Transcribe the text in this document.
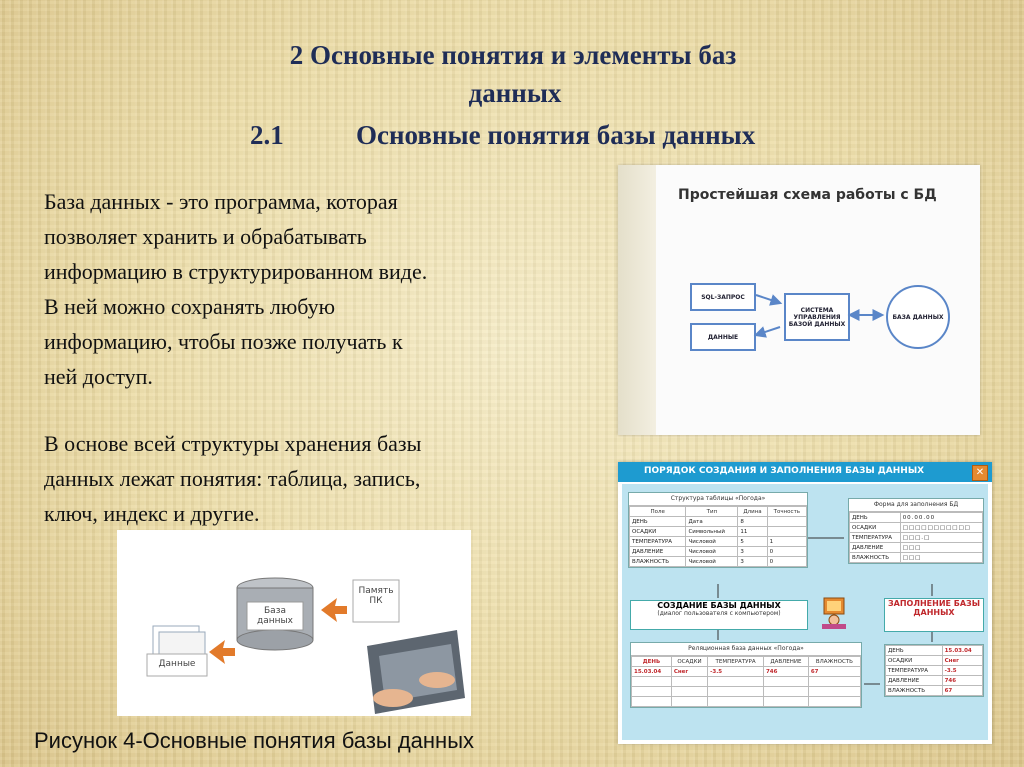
2 Основные понятия и элементы баз
данных
2.1	Основные понятия базы данных
База данных - это программа, которая
позволяет хранить и обрабатывать
информацию в структурированном виде.
В ней можно сохранять любую
информацию, чтобы позже получать к
ней доступ.
В основе всей структуры хранения базы
данных лежат понятия: таблица, запись,
ключ, индекс и другие.
Простейшая схема работы с БД
SQL-ЗАПРОС
ДАННЫЕ
СИСТЕМА УПРАВЛЕНИЯ БАЗОЙ ДАННЫХ
БАЗА ДАННЫХ
ПОРЯДОК СОЗДАНИЯ И ЗАПОЛНЕНИЯ БАЗЫ ДАННЫХ	✕
Структура таблицы «Погода»
Поле	Тип	Длина	Точность
ДЕНЬ	Дата	8	
ОСАДКИ	Символьный	11	
ТЕМПЕРАТУРА	Числовой	5	1
ДАВЛЕНИЕ	Числовой	3	0
ВЛАЖНОСТЬ	Числовой	3	0
Форма для заполнения БД
ДЕНЬ	00.00.00
ОСАДКИ	□□□□□□□□□□□
ТЕМПЕРАТУРА	□□□.□
ДАВЛЕНИЕ	□□□
ВЛАЖНОСТЬ	□□□
СОЗДАНИЕ БАЗЫ ДАННЫХ
(диалог пользователя с компьютером)
ЗАПОЛНЕНИЕ БАЗЫ ДАННЫХ
Реляционная база данных «Погода»
ДЕНЬ	ОСАДКИ	ТЕМПЕРАТУРА	ДАВЛЕНИЕ	ВЛАЖНОСТЬ
15.03.04	Снег	-3.5	746	67

ДЕНЬ	15.03.04
ОСАДКИ	Снег
ТЕМПЕРАТУРА	-3.5
ДАВЛЕНИЕ	746
ВЛАЖНОСТЬ	67
База
данных
Память
ПК
Данные
Рисунок 4-Основные понятия базы данных
